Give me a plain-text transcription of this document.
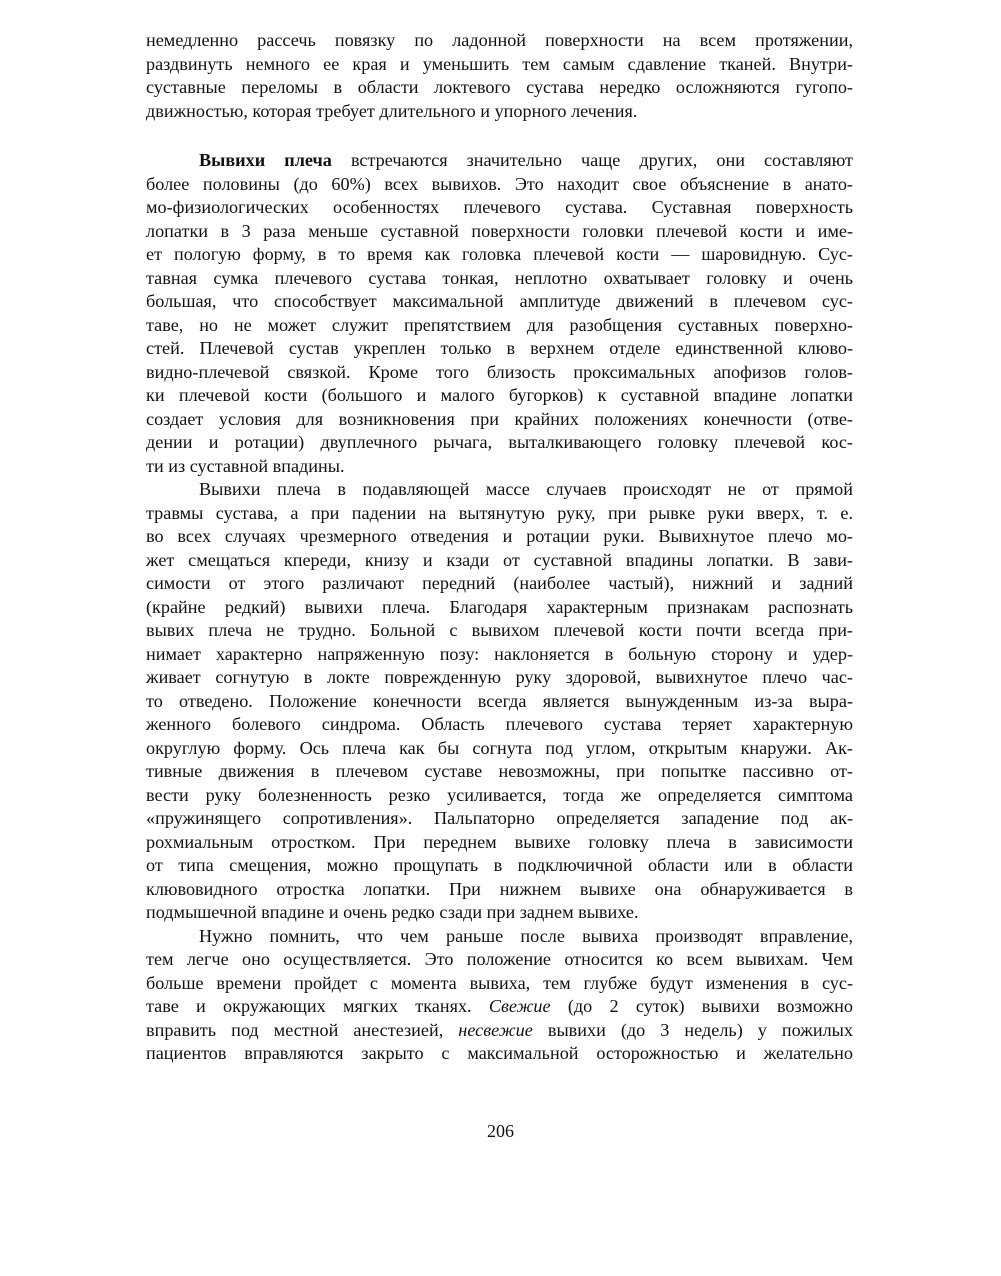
немедленно рассечь повязку по ладонной поверхности на всем протяжении,
раздвинуть немного ее края и уменьшить тем самым сдавление тканей. Внутри-
суставные переломы в области локтевого сустава нередко осложняются гугопо-
движностью, которая требует длительного и упорного лечения.
Вывихи плеча встречаются значительно чаще других, они составляют
более половины (до 60%) всех вывихов. Это находит свое объяснение в анато-
мо-физиологических особенностях плечевого сустава. Суставная поверхность
лопатки в 3 раза меньше суставной поверхности головки плечевой кости и име-
ет пологую форму, в то время как головка плечевой кости — шаровидную. Сус-
тавная сумка плечевого сустава тонкая, неплотно охватывает головку и очень
большая, что способствует максимальной амплитуде движений в плечевом сус-
таве, но не может служит препятствием для разобщения суставных поверхно-
стей. Плечевой сустав укреплен только в верхнем отделе единственной клюво-
видно-плечевой связкой. Кроме того близость проксимальных апофизов голов-
ки плечевой кости (большого и малого бугорков) к суставной впадине лопатки
создает условия для возникновения при крайних положениях конечности (отве-
дении и ротации) двуплечного рычага, выталкивающего головку плечевой кос-
ти из суставной впадины.
Вывихи плеча в подавляющей массе случаев происходят не от прямой
травмы сустава, а при падении на вытянутую руку, при рывке руки вверх, т. е.
во всех случаях чрезмерного отведения и ротации руки. Вывихнутое плечо мо-
жет смещаться кпереди, книзу и кзади от суставной впадины лопатки. В зави-
симости от этого различают передний (наиболее частый), нижний и задний
(крайне редкий) вывихи плеча. Благодаря характерным признакам распознать
вывих плеча не трудно. Больной с вывихом плечевой кости почти всегда при-
нимает характерно напряженную позу: наклоняется в больную сторону и удер-
живает согнутую в локте поврежденную руку здоровой, вывихнутое плечо час-
то отведено. Положение конечности всегда является вынужденным из-за выра-
женного болевого синдрома. Область плечевого сустава теряет характерную
округлую форму. Ось плеча как бы согнута под углом, открытым кнаружи. Ак-
тивные движения в плечевом суставе невозможны, при попытке пассивно от-
вести руку болезненность резко усиливается, тогда же определяется симптома
«пружинящего сопротивления». Пальпаторно определяется западение под ак-
рохмиальным отростком. При переднем вывихе головку плеча в зависимости
от типа смещения, можно прощупать в подключичной области или в области
клювовидного отростка лопатки. При нижнем вывихе она обнаруживается в
подмышечной впадине и очень редко сзади при заднем вывихе.
Нужно помнить, что чем раньше после вывиха производят вправление,
тем легче оно осуществляется. Это положение относится ко всем вывихам. Чем
больше времени пройдет с момента вывиха, тем глубже будут изменения в сус-
таве и окружающих мягких тканях. Свежие (до 2 суток) вывихи возможно
вправить под местной анестезией, несвежие вывихи (до 3 недель) у пожилых
пациентов вправляются закрыто с максимальной осторожностью и желательно
206
